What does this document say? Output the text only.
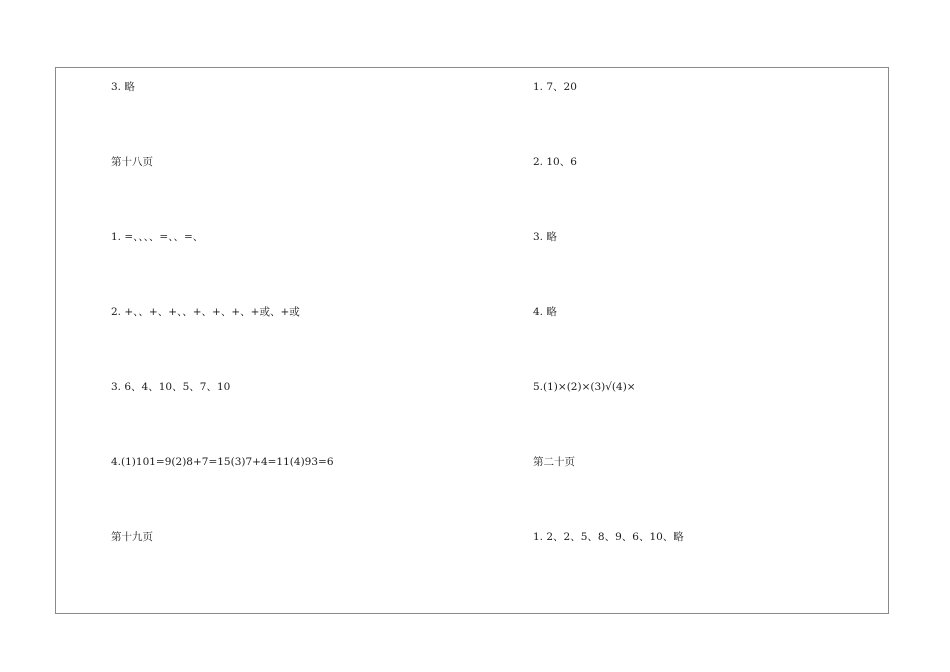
3. 略
第十八页
1. =、、、、=、、=、
2. +、、+、+、、+、+、+、+或、+或
3. 6、4、10、5、7、10
4.(1)101=9(2)8+7=15(3)7+4=11(4)93=6
第十九页
1. 7、20
2. 10、6
3. 略
4. 略
5.(1)×(2)×(3)√(4)×
第二十页
1. 2、2、5、8、9、6、10、略
